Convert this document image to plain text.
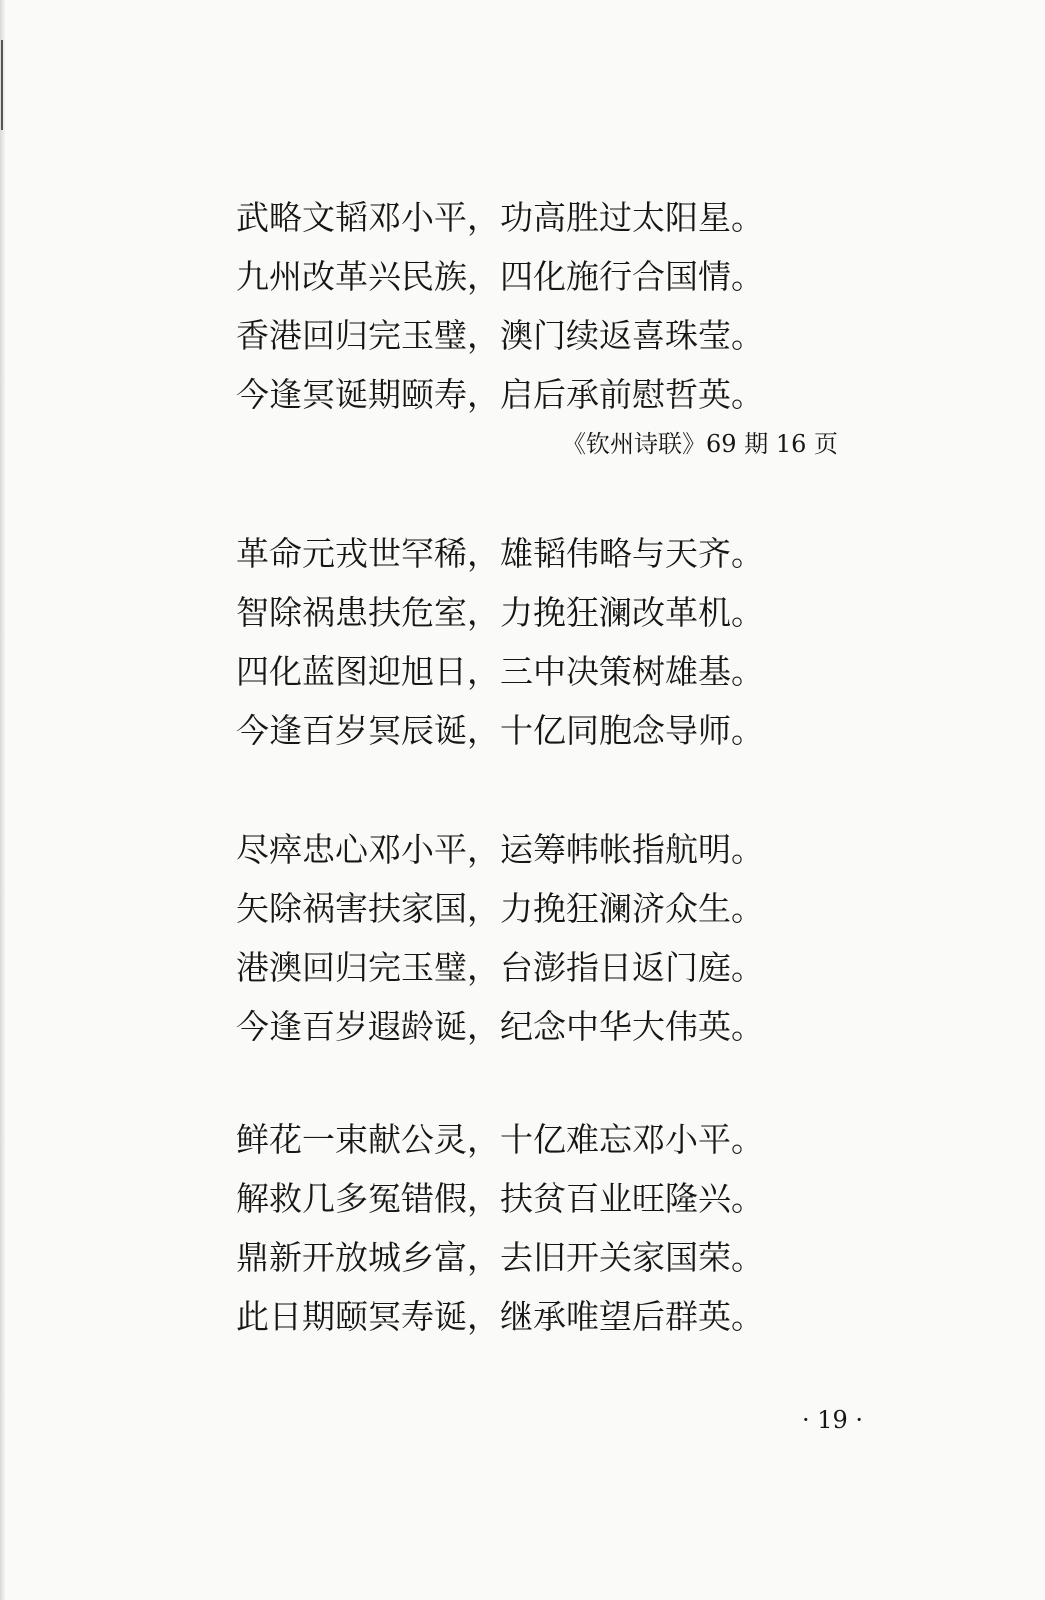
武略文韬邓小平，功高胜过太阳星。
九州改革兴民族，四化施行合国情。
香港回归完玉璧，澳门续返喜珠莹。
今逢冥诞期颐寿，启后承前慰哲英。
《钦州诗联》69 期 16 页
革命元戎世罕稀，雄韬伟略与天齐。
智除祸患扶危室，力挽狂澜改革机。
四化蓝图迎旭日，三中决策树雄基。
今逢百岁冥辰诞，十亿同胞念导师。
尽瘁忠心邓小平，运筹帏帐指航明。
矢除祸害扶家国，力挽狂澜济众生。
港澳回归完玉璧，台澎指日返门庭。
今逢百岁遐龄诞，纪念中华大伟英。
鲜花一束献公灵，十亿难忘邓小平。
解救几多冤错假，扶贫百业旺隆兴。
鼎新开放城乡富，去旧开关家国荣。
此日期颐冥寿诞，继承唯望后群英。
· 19 ·
